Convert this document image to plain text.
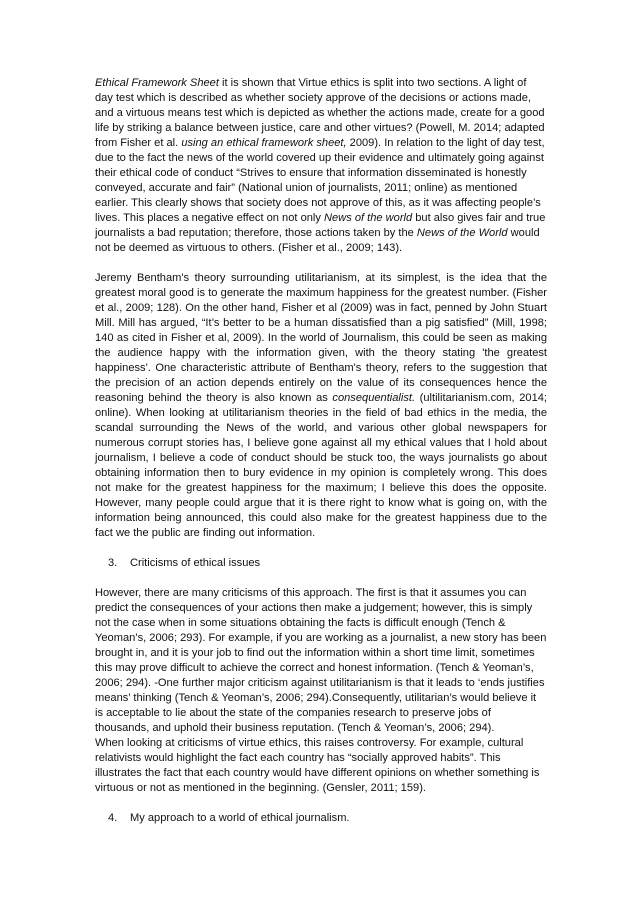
Ethical Framework Sheet it is shown that Virtue ethics is split into two sections. A light of day test which is described as whether society approve of the decisions or actions made, and a virtuous means test which is depicted as whether the actions made, create for a good life by striking a balance between justice, care and other virtues? (Powell, M. 2014; adapted from Fisher et al. using an ethical framework sheet, 2009). In relation to the light of day test, due to the fact the news of the world covered up their evidence and ultimately going against their ethical code of conduct “Strives to ensure that information disseminated is honestly conveyed, accurate and fair” (National union of journalists, 2011; online) as mentioned earlier. This clearly shows that society does not approve of this, as it was affecting people’s lives. This places a negative effect on not only News of the world but also gives fair and true journalists a bad reputation; therefore, those actions taken by the News of the World would not be deemed as virtuous to others. (Fisher et al., 2009; 143).

Jeremy Bentham's theory surrounding utilitarianism, at its simplest, is the idea that the greatest moral good is to generate the maximum happiness for the greatest number. (Fisher et al., 2009; 128). On the other hand, Fisher et al (2009) was in fact, penned by John Stuart Mill. Mill has argued, “It’s better to be a human dissatisfied than a pig satisfied” (Mill, 1998; 140 as cited in Fisher et al, 2009). In the world of Journalism, this could be seen as making the audience happy with the information given, with the theory stating 'the greatest happiness'. One characteristic attribute of Bentham's theory, refers to the suggestion that the precision of an action depends entirely on the value of its consequences hence the reasoning behind the theory is also known as consequentialist. (ultilitarianism.com, 2014; online). When looking at utilitarianism theories in the field of bad ethics in the media, the scandal surrounding the News of the world, and various other global newspapers for numerous corrupt stories has, I believe gone against all my ethical values that I hold about journalism, I believe a code of conduct should be stuck too, the ways journalists go about obtaining information then to bury evidence in my opinion is completely wrong. This does not make for the greatest happiness for the maximum; I believe this does the opposite. However, many people could argue that it is there right to know what is going on, with the information being announced, this could also make for the greatest happiness due to the fact we the public are finding out information.

3. Criticisms of ethical issues

However, there are many criticisms of this approach. The first is that it assumes you can predict the consequences of your actions then make a judgement; however, this is simply not the case when in some situations obtaining the facts is difficult enough (Tench & Yeoman’s, 2006; 293). For example, if you are working as a journalist, a new story has been brought in, and it is your job to find out the information within a short time limit, sometimes this may prove difficult to achieve the correct and honest information. (Tench & Yeoman’s, 2006; 294). -One further major criticism against utilitarianism is that it leads to ‘ends justifies means’ thinking (Tench & Yeoman’s, 2006; 294).Consequently, utilitarian’s would believe it is acceptable to lie about the state of the companies research to preserve jobs of thousands, and uphold their business reputation. (Tench & Yeoman’s, 2006; 294).

When looking at criticisms of virtue ethics, this raises controversy. For example, cultural relativists would highlight the fact each country has “socially approved habits”. This illustrates the fact that each country would have different opinions on whether something is virtuous or not as mentioned in the beginning. (Gensler, 2011; 159).

4. My approach to a world of ethical journalism.
